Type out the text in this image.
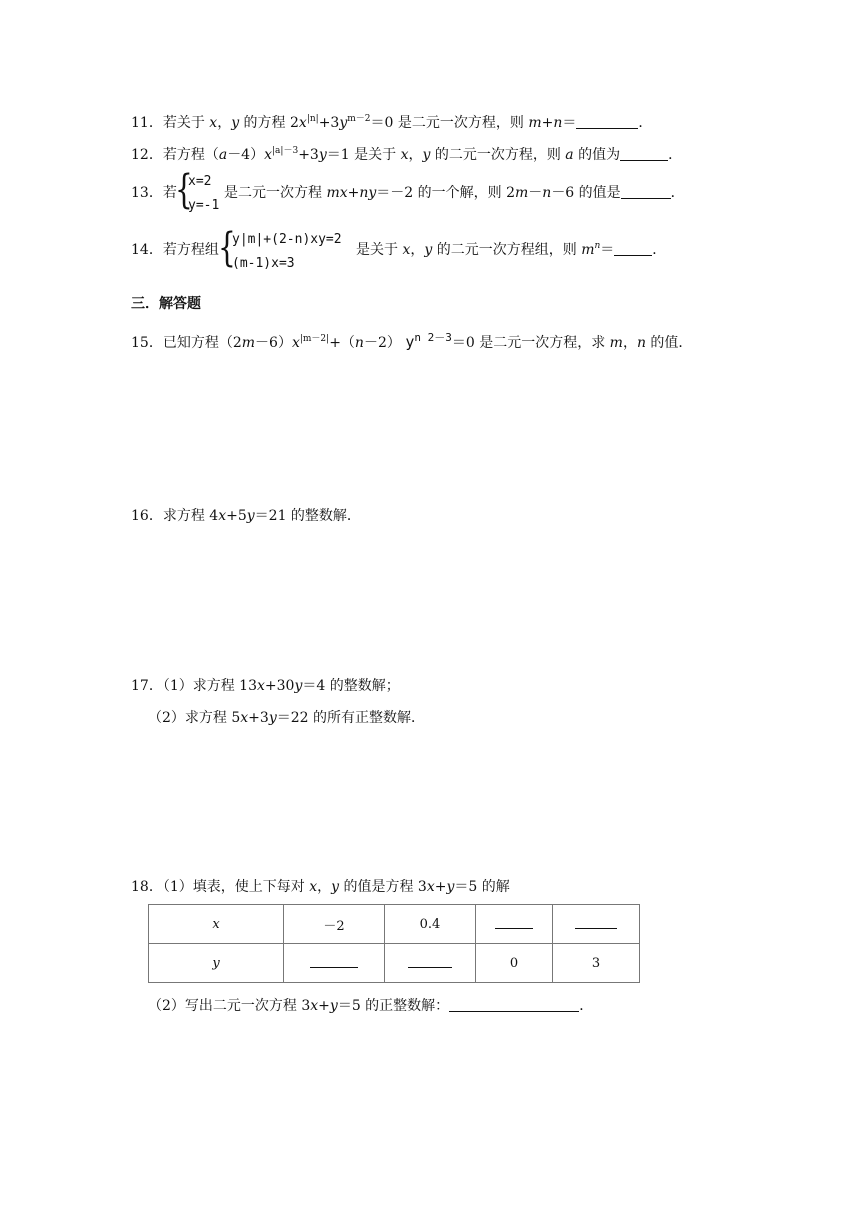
11．若关于 x，y 的方程 $2x^{|n|}+3y^{m-2}=0$ 是二元一次方程，则 m+n＝	．
12．若方程$(a-4)x^{|a|-3}+3y=1$ 是关于 x，y 的二元一次方程，则 a 的值为	．
13．若
{
x=2
y=-1
是二元一次方程 mx+ny＝－2 的一个解，则 2m－n－6 的值是	．
14．若方程组 {
y|m|+(2-n)xy=2
(m-1)x=3
是关于 x，y 的二元一次方程组，则 $m^n=$	．
三．解答题
15．已知方程$(2m-6)x^{|m-2|}+(n-2)$ $y^{n 2-3}=0$ 是二元一次方程，求 m，n 的值．
16．求方程 4x+5y＝21 的整数解．
17．（1）求方程 13x+30y＝4 的整数解；
（2）求方程 5x+3y＝22 的所有正整数解．
18．（1）填表，使上下每对 x，y 的值是方程 3x+y＝5 的解
x	－2	0.4		
y			0	3
（2）写出二元一次方程 3x+y＝5 的正整数解：	．
